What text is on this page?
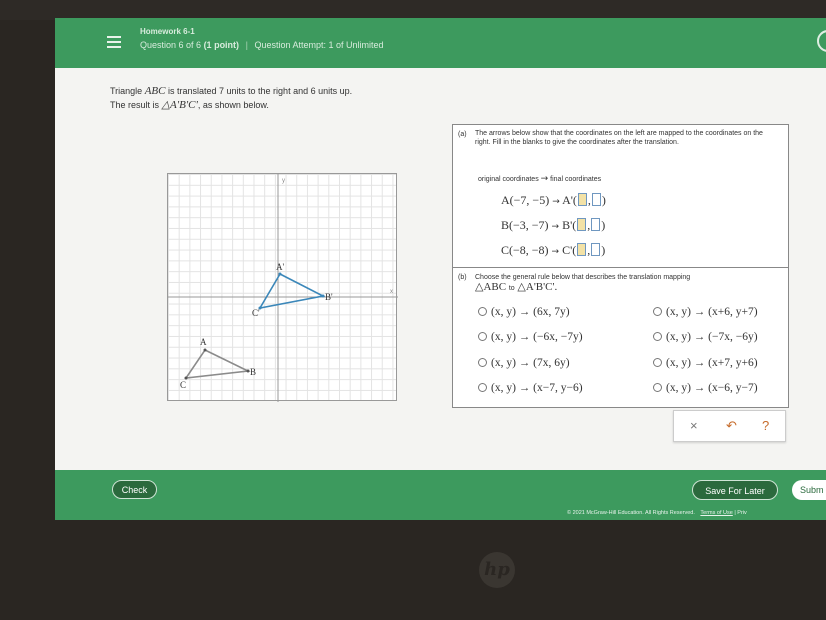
Homework 6-1
Question 6 of 6 (1 point) | Question Attempt: 1 of Unlimited
Triangle ABC is translated 7 units to the right and 6 units up.
The result is △A'B'C', as shown below.
x
y
A
B
C
A'
B'
C'
(a) The arrows below show that the coordinates on the left are mapped to the coordinates on the right. Fill in the blanks to give the coordinates after the translation.
original coordinates → final coordinates
A(−7, −5) → A'( , )
B(−3, −7) → B'( , )
C(−8, −8) → C'( , )
(b) Choose the general rule below that describes the translation mapping
△ABC to △A'B'C'.
(x, y) → (6x, 7y)
(x, y) → (−6x, −7y)
(x, y) → (7x, 6y)
(x, y) → (x−7, y−6)
(x, y) → (x+6, y+7)
(x, y) → (−7x, −6y)
(x, y) → (x+7, y+6)
(x, y) → (x−6, y−7)
× ↶ ?
Check	Save For Later	Subm
© 2021 McGraw-Hill Education. All Rights Reserved. Terms of Use | Priv
hp
